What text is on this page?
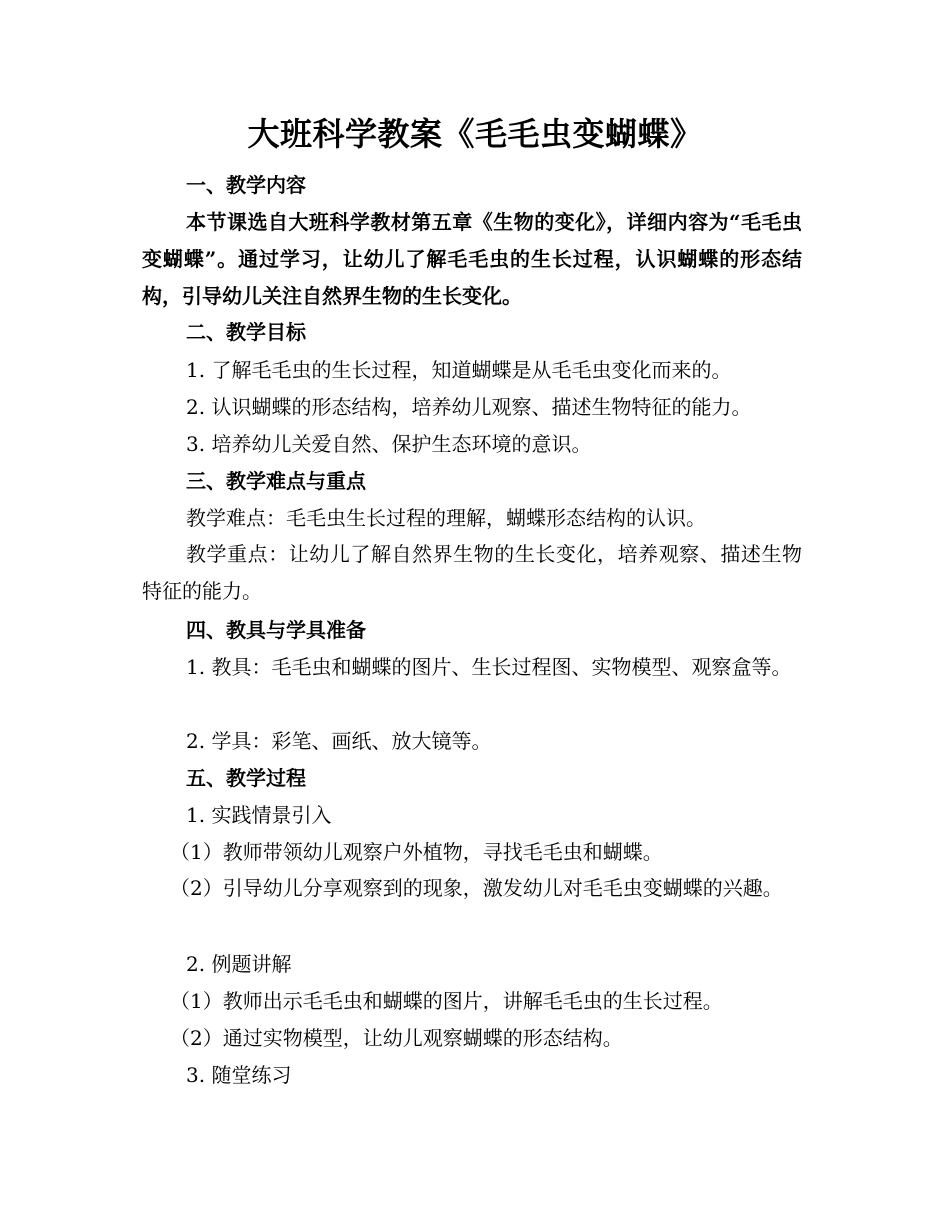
大班科学教案《毛毛虫变蝴蝶》
一、教学内容
本节课选自大班科学教材第五章《生物的变化》，详细内容为“毛毛虫变蝴蝶”。通过学习，让幼儿了解毛毛虫的生长过程，认识蝴蝶的形态结构，引导幼儿关注自然界生物的生长变化。
二、教学目标
1. 了解毛毛虫的生长过程，知道蝴蝶是从毛毛虫变化而来的。
2. 认识蝴蝶的形态结构，培养幼儿观察、描述生物特征的能力。
3. 培养幼儿关爱自然、保护生态环境的意识。
三、教学难点与重点
教学难点：毛毛虫生长过程的理解，蝴蝶形态结构的认识。
教学重点：让幼儿了解自然界生物的生长变化，培养观察、描述生物特征的能力。
四、教具与学具准备
1. 教具：毛毛虫和蝴蝶的图片、生长过程图、实物模型、观察盒等。
2. 学具：彩笔、画纸、放大镜等。
五、教学过程
1. 实践情景引入
（1）教师带领幼儿观察户外植物，寻找毛毛虫和蝴蝶。
（2）引导幼儿分享观察到的现象，激发幼儿对毛毛虫变蝴蝶的兴趣。
2. 例题讲解
（1）教师出示毛毛虫和蝴蝶的图片，讲解毛毛虫的生长过程。
（2）通过实物模型，让幼儿观察蝴蝶的形态结构。
3. 随堂练习
